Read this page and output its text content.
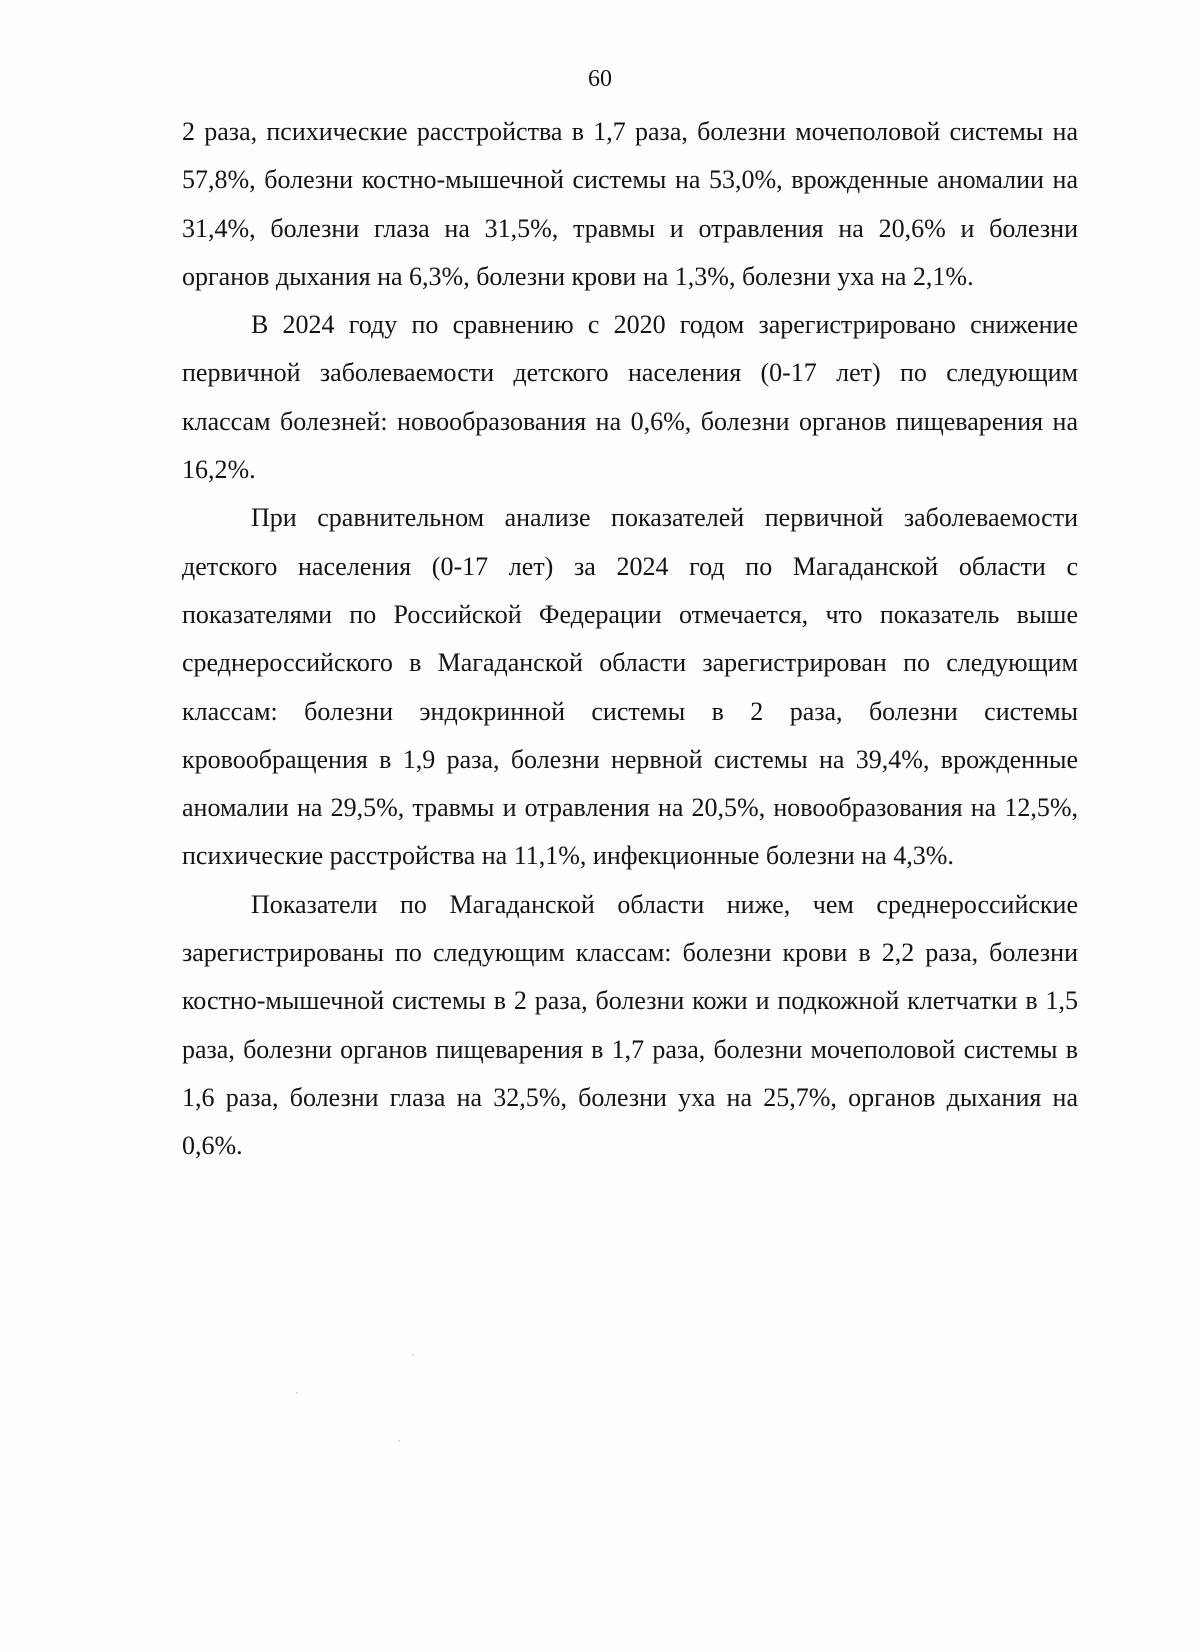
60

2 раза, психические расстройства в 1,7 раза, болезни мочеполовой системы на 57,8%, болезни костно-мышечной системы на 53,0%, врожденные аномалии на 31,4%, болезни глаза на 31,5%, травмы и отравления на 20,6% и болезни органов дыхания на 6,3%, болезни крови на 1,3%, болезни уха на 2,1%.

В 2024 году по сравнению с 2020 годом зарегистрировано снижение первичной заболеваемости детского населения (0-17 лет) по следующим классам болезней: новообразования на 0,6%, болезни органов пищеварения на 16,2%.

При сравнительном анализе показателей первичной заболеваемости детского населения (0-17 лет) за 2024 год по Магаданской области с показателями по Российской Федерации отмечается, что показатель выше среднероссийского в Магаданской области зарегистрирован по следующим классам: болезни эндокринной системы в 2 раза, болезни системы кровообращения в 1,9 раза, болезни нервной системы на 39,4%, врожденные аномалии на 29,5%, травмы и отравления на 20,5%, новообразования на 12,5%, психические расстройства на 11,1%, инфекционные болезни на 4,3%.

Показатели по Магаданской области ниже, чем среднероссийские зарегистрированы по следующим классам: болезни крови в 2,2 раза, болезни костно-мышечной системы в 2 раза, болезни кожи и подкожной клетчатки в 1,5 раза, болезни органов пищеварения в 1,7 раза, болезни мочеполовой системы в 1,6 раза, болезни глаза на 32,5%, болезни уха на 25,7%, органов дыхания на 0,6%.
